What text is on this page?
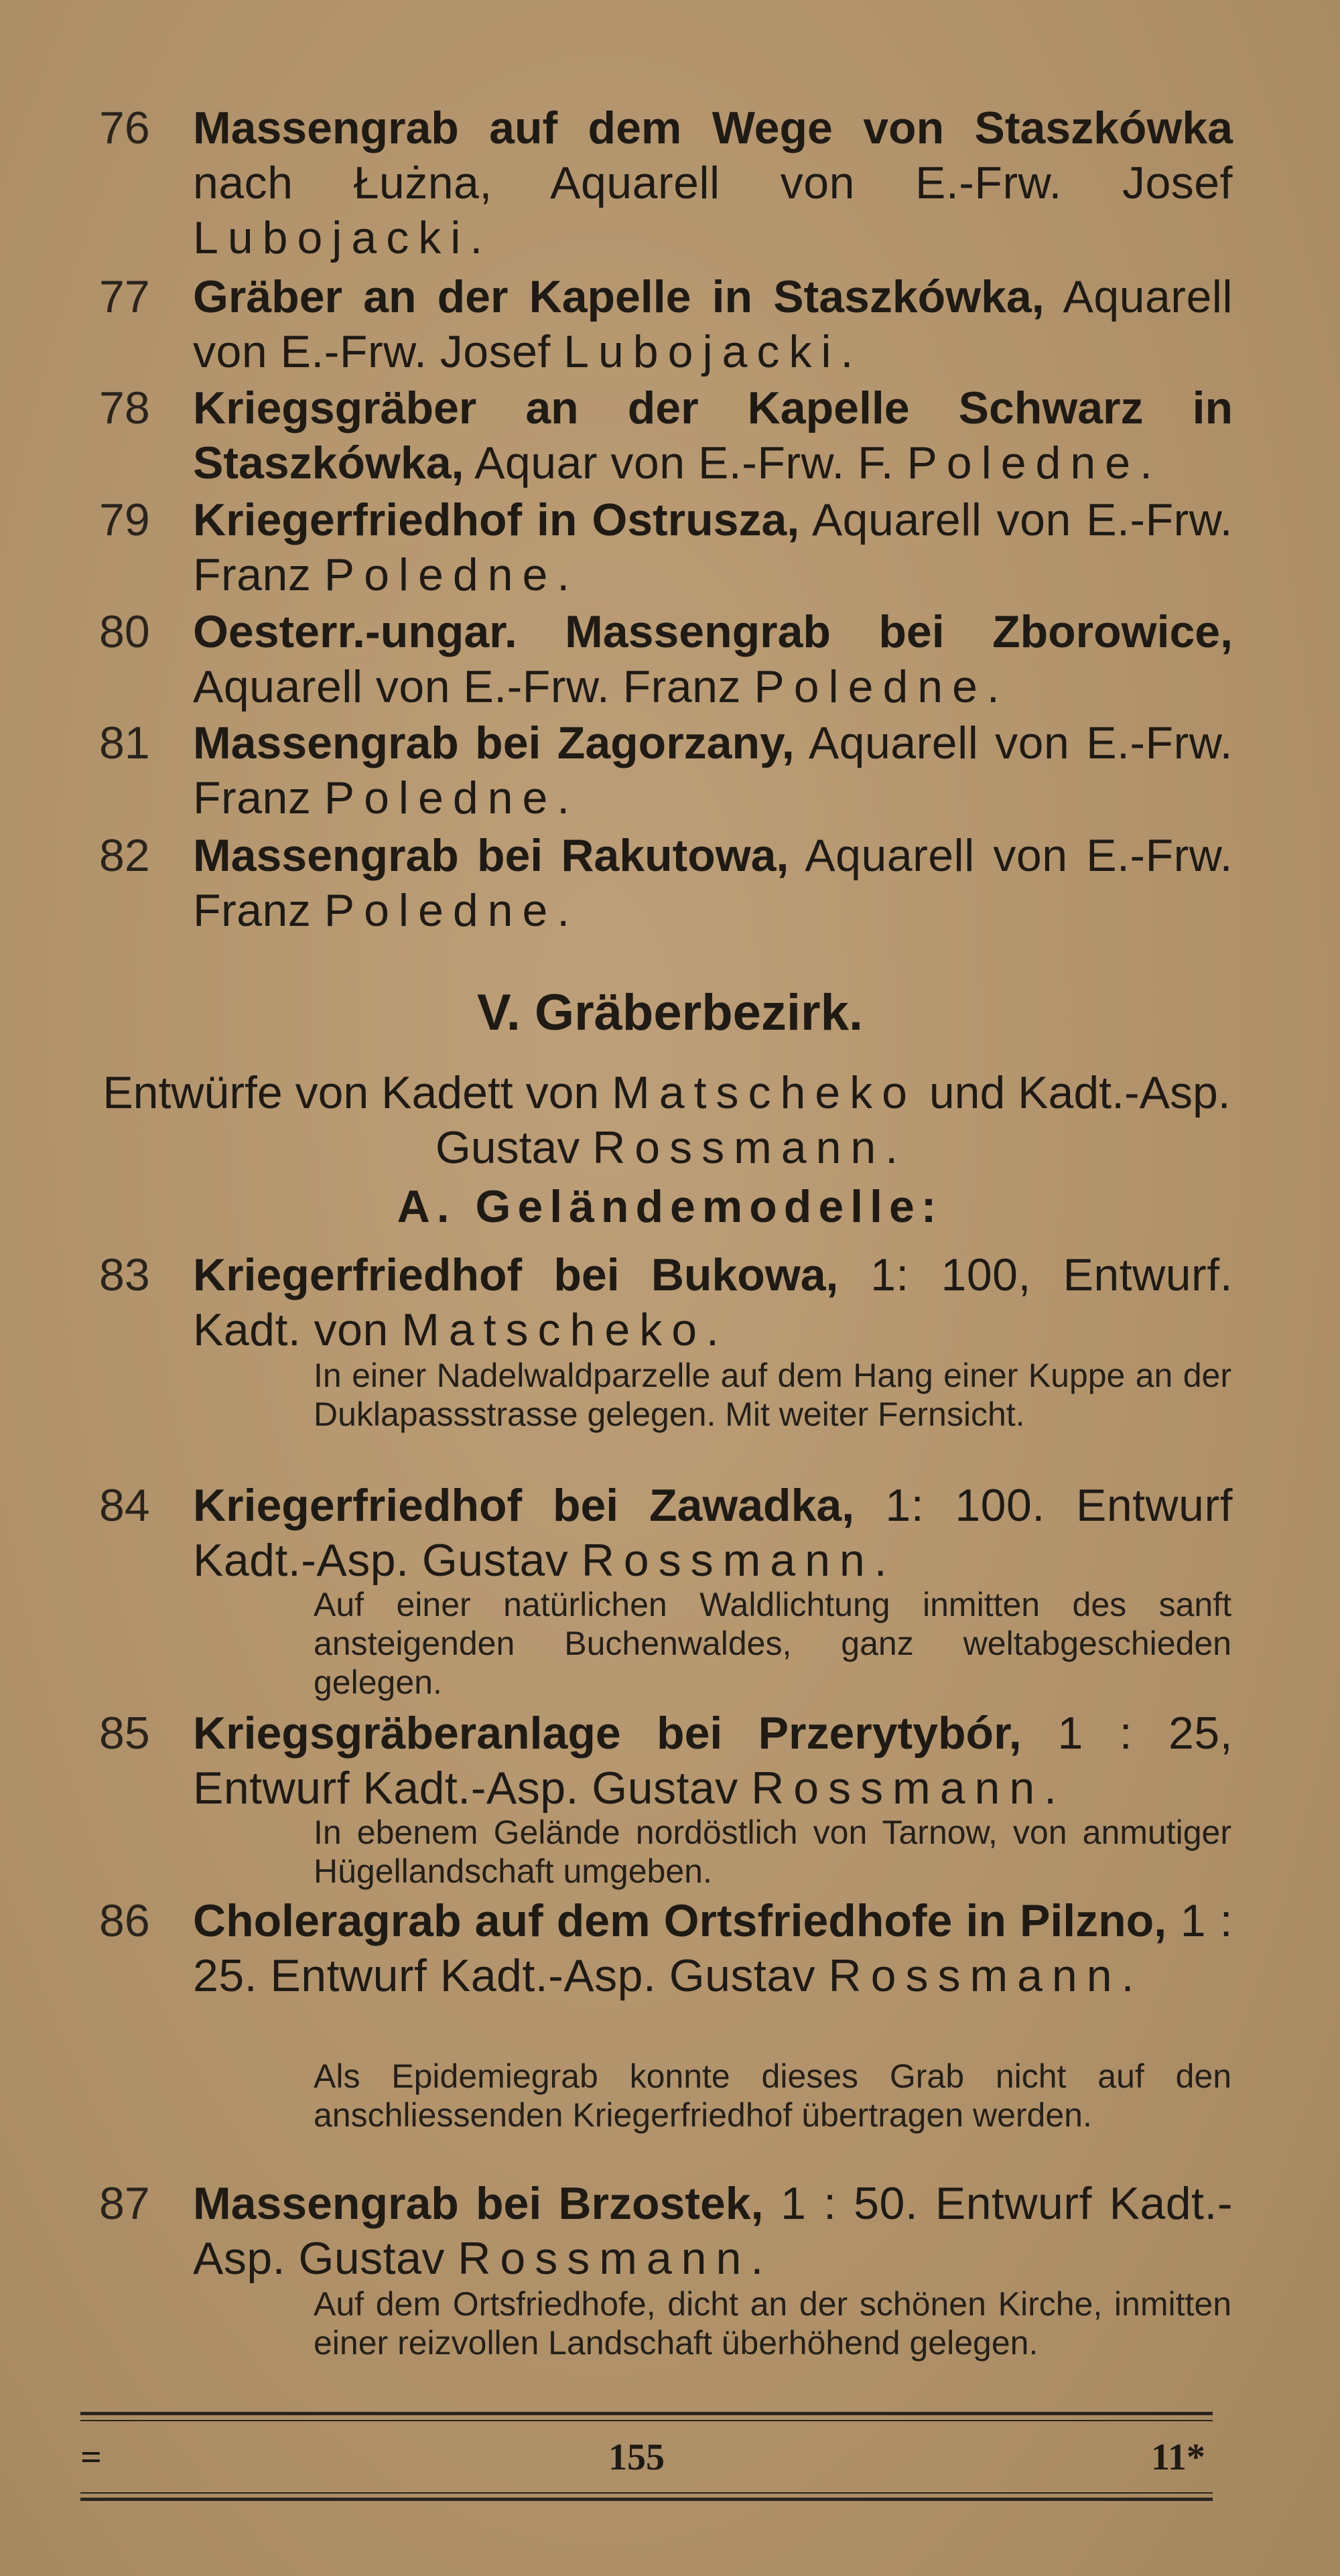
76 Massengrab auf dem Wege von Staszkówka nach Łużna, Aquarell von E.-Frw. Josef Lubojacki.
77 Gräber an der Kapelle in Staszkówka, Aquarell von E.-Frw. Josef Lubojacki.
78 Kriegsgräber an der Kapelle Schwarz in Staszkówka, Aquar von E.-Frw. F. Poledne.
79 Kriegerfriedhof in Ostrusza, Aquarell von E.-Frw. Franz Poledne.
80 Oesterr.-ungar. Massengrab bei Zborowice, Aquarell von E.-Frw. Franz Poledne.
81 Massengrab bei Zagorzany, Aquarell von E.-Frw. Franz Poledne.
82 Massengrab bei Rakutowa, Aquarell von E.-Frw. Franz Poledne.
V. Gräberbezirk.
Entwürfe von Kadett von Matscheko und Kadt.-Asp. Gustav Rossmann.
A. Geländemodelle:
83 Kriegerfriedhof bei Bukowa, 1: 100, Entwurf. Kadt. von Matscheko.
In einer Nadelwaldparzelle auf dem Hang einer Kuppe an der Duklapassstrasse gelegen. Mit weiter Fernsicht.
84 Kriegerfriedhof bei Zawadka, 1: 100. Entwurf Kadt.-Asp. Gustav Rossmann.
Auf einer natürlichen Waldlichtung inmitten des sanft ansteigenden Buchenwaldes, ganz weltabgeschieden gelegen.
85 Kriegsgräberanlage bei Przerytybór, 1 : 25, Entwurf Kadt.-Asp. Gustav Rossmann.
In ebenem Gelände nordöstlich von Tarnow, von anmutiger Hügellandschaft umgeben.
86 Choleragrab auf dem Ortsfriedhofe in Pilzno, 1 : 25. Entwurf Kadt.-Asp. Gustav Rossmann.
Als Epidemiegrab konnte dieses Grab nicht auf den anschliessenden Kriegerfriedhof übertragen werden.
87 Massengrab bei Brzostek, 1 : 50. Entwurf Kadt.-Asp. Gustav Rossmann.
Auf dem Ortsfriedhofe, dicht an der schönen Kirche, inmitten einer reizvollen Landschaft überhöhend gelegen.
=	155	11*
